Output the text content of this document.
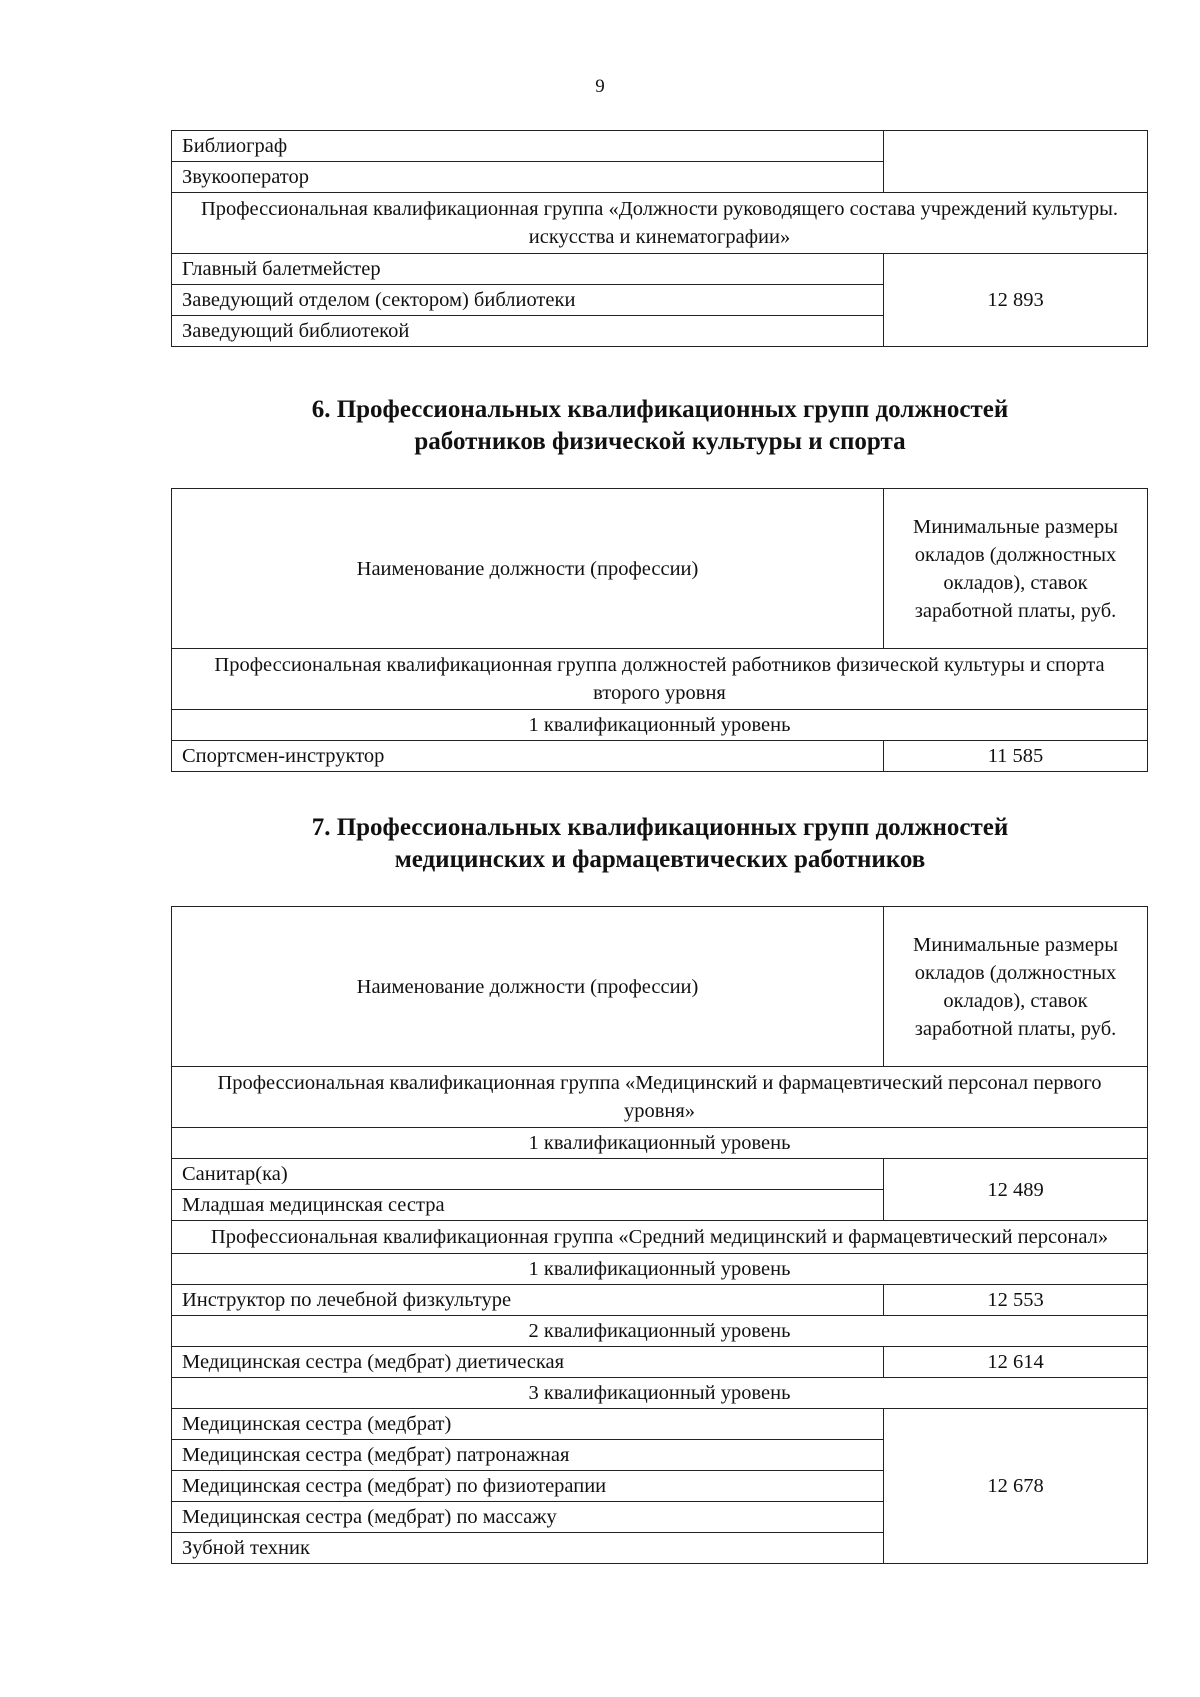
9
Библиограф	
Звукооператор	
Профессиональная квалификационная группа «Должности руководящего состава учреждений культуры. искусства и кинематографии»	
Главный балетмейстер	12 893
Заведующий отделом (сектором) библиотеки	
Заведующий библиотекой	
6. Профессиональных квалификационных групп должностей
работников физической культуры и спорта
Наименование должности (профессии)	Минимальные размеры окладов (должностных окладов), ставок заработной платы, руб.
Профессиональная квалификационная группа должностей работников физической культуры и спорта второго уровня	
1 квалификационный уровень	
Спортсмен-инструктор	11 585
7. Профессиональных квалификационных групп должностей
медицинских и фармацевтических работников
Наименование должности (профессии)	Минимальные размеры окладов (должностных окладов), ставок заработной платы, руб.
Профессиональная квалификационная группа «Медицинский и фармацевтический персонал первого уровня»	
1 квалификационный уровень	
Санитар(ка)	12 489
Младшая медицинская сестра	
Профессиональная квалификационная группа «Средний медицинский и фармацевтический персонал»	
1 квалификационный уровень	
Инструктор по лечебной физкультуре	12 553
2 квалификационный уровень	
Медицинская сестра (медбрат) диетическая	12 614
3 квалификационный уровень	
Медицинская сестра (медбрат)	12 678
Медицинская сестра (медбрат) патронажная	
Медицинская сестра (медбрат) по физиотерапии	
Медицинская сестра (медбрат) по массажу	
Зубной техник	
